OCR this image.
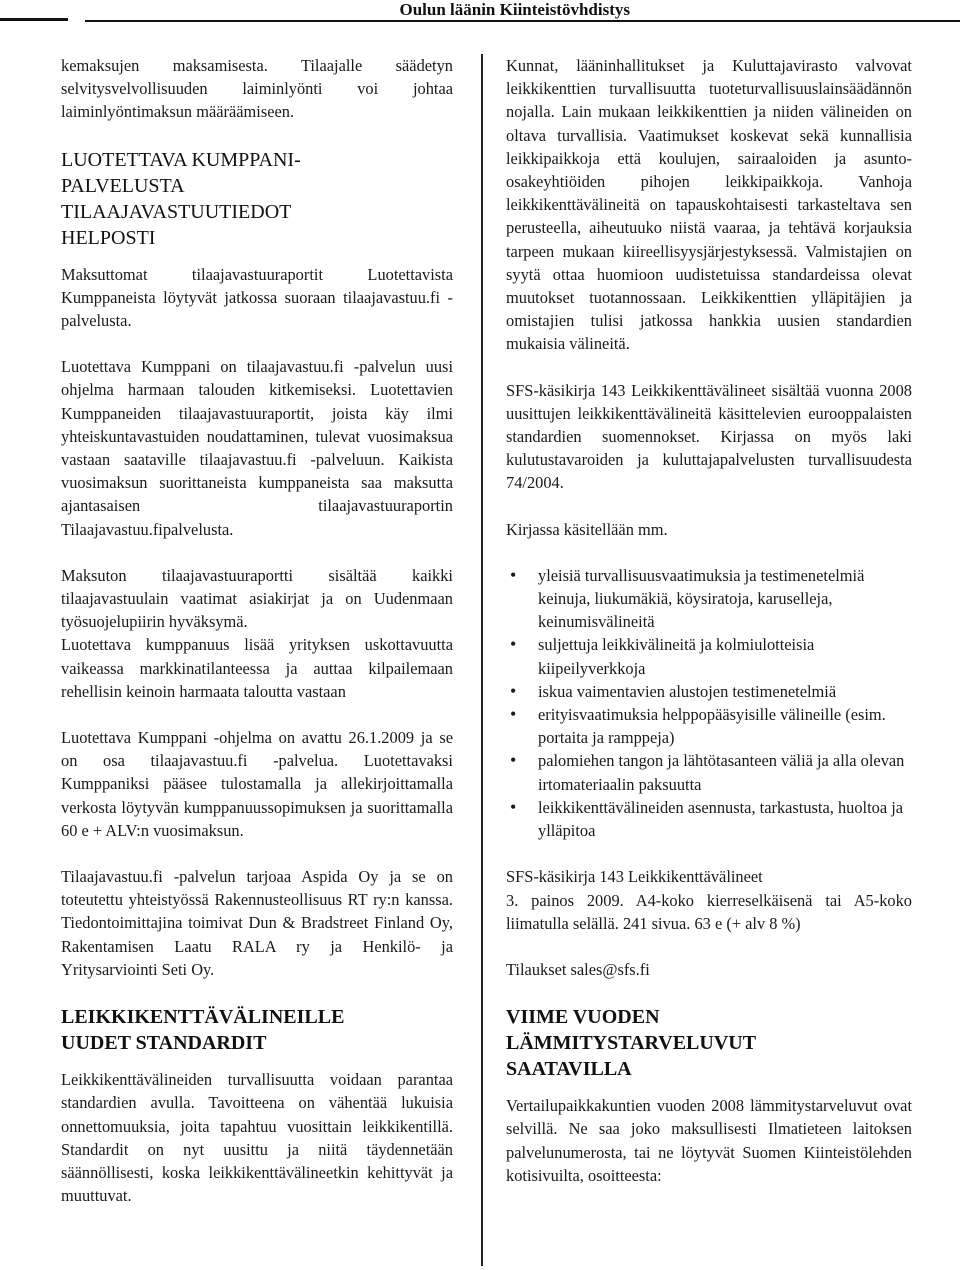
Oulun läänin Kiinteistövhdistys

kemaksujen maksamisesta. Tilaajalle säädetyn selvitysvelvollisuuden laiminlyönti voi johtaa laiminlyöntimaksun määräämiseen.

LUOTETTAVA KUMPPANI-
PALVELUSTA
TILAAJAVASTUUTIEDOT
HELPOSTI

Maksuttomat tilaajavastuuraportit Luotettavista Kumppaneista löytyvät jatkossa suoraan tilaajavastuu.fi -palvelusta.

Luotettava Kumppani on tilaajavastuu.fi -palvelun uusi ohjelma harmaan talouden kitkemiseksi. Luotettavien Kumppaneiden tilaajavastuuraportit, joista käy ilmi yhteiskuntavastuiden noudattaminen, tulevat vuosimaksua vastaan saataville tilaajavastuu.fi -palveluun. Kaikista vuosimaksun suorittaneista kumppaneista saa maksutta ajantasaisen tilaajavastuuraportin Tilaajavastuu.fipalvelusta.

Maksuton tilaajavastuuraportti sisältää kaikki tilaajavastuulain vaatimat asiakirjat ja on Uudenmaan työsuojelupiirin hyväksymä.

Luotettava kumppanuus lisää yrityksen uskottavuutta vaikeassa markkinatilanteessa ja auttaa kilpailemaan rehellisin keinoin harmaata taloutta vastaan

Luotettava Kumppani -ohjelma on avattu 26.1.2009 ja se on osa tilaajavastuu.fi -palvelua. Luotettavaksi Kumppaniksi pääsee tulostamalla ja allekirjoittamalla verkosta löytyvän kumppanuussopimuksen ja suorittamalla 60 e + ALV:n vuosimaksun.

Tilaajavastuu.fi -palvelun tarjoaa Aspida Oy ja se on toteutettu yhteistyössä Rakennusteollisuus RT ry:n kanssa. Tiedontoimittajina toimivat Dun & Bradstreet Finland Oy, Rakentamisen Laatu RALA ry ja Henkilö- ja Yritysarviointi Seti Oy.

LEIKKIKENTTÄVÄLINEILLE
UUDET STANDARDIT

Leikkikenttävälineiden turvallisuutta voidaan parantaa standardien avulla. Tavoitteena on vähentää lukuisia onnettomuuksia, joita tapahtuu vuosittain leikkikentillä. Standardit on nyt uusittu ja niitä täydennetään säännöllisesti, koska leikkikenttävälineetkin kehittyvät ja muuttuvat.

Kunnat, lääninhallitukset ja Kuluttajavirasto valvovat leikkikenttien turvallisuutta tuoteturvallisuuslainsäädännön nojalla. Lain mukaan leikkikenttien ja niiden välineiden on oltava turvallisia. Vaatimukset koskevat sekä kunnallisia leikkipaikkoja että koulujen, sairaaloiden ja asunto-osakeyhtiöiden pihojen leikkipaikkoja. Vanhoja leikkikenttävälineitä on tapauskohtaisesti tarkasteltava sen perusteella, aiheutuuko niistä vaaraa, ja tehtävä korjauksia tarpeen mukaan kiireellisyysjärjestyksessä. Valmistajien on syytä ottaa huomioon uudistetuissa standardeissa olevat muutokset tuotannossaan. Leikkikenttien ylläpitäjien ja omistajien tulisi jatkossa hankkia uusien standardien mukaisia välineitä.

SFS-käsikirja 143 Leikkikenttävälineet sisältää vuonna 2008 uusittujen leikkikenttävälineitä käsittelevien eurooppalaisten standardien suomennokset. Kirjassa on myös laki kulutustavaroiden ja kuluttajapalvelusten turvallisuudesta 74/2004.

Kirjassa käsitellään mm.

• yleisiä turvallisuusvaatimuksia ja testimenetelmiä keinuja, liukumäkiä, köysiratoja, karuselleja, keinumisvälineitä
• suljettuja leikkivälineitä ja kolmiulotteisia kiipeilyverkkoja
• iskua vaimentavien alustojen testimenetelmiä
• erityisvaatimuksia helppopääsyisille välineille (esim. portaita ja ramppeja)
• palomiehen tangon ja lähtötasanteen väliä ja alla olevan irtomateriaalin paksuutta
• leikkikenttävälineiden asennusta, tarkastusta, huoltoa ja ylläpitoa

SFS-käsikirja 143 Leikkikenttävälineet

3. painos 2009. A4-koko kierreselkäisenä tai A5-koko liimatulla selällä. 241 sivua. 63 e (+ alv 8 %)

Tilaukset sales@sfs.fi

VIIME VUODEN
LÄMMITYSTARVELUVUT
SAATAVILLA

Vertailupaikkakuntien vuoden 2008 lämmitystarveluvut ovat selvillä. Ne saa joko maksullisesti Ilmatieteen laitoksen palvelunumerosta, tai ne löytyvät Suomen Kiinteistölehden kotisivuilta, osoitteesta:
